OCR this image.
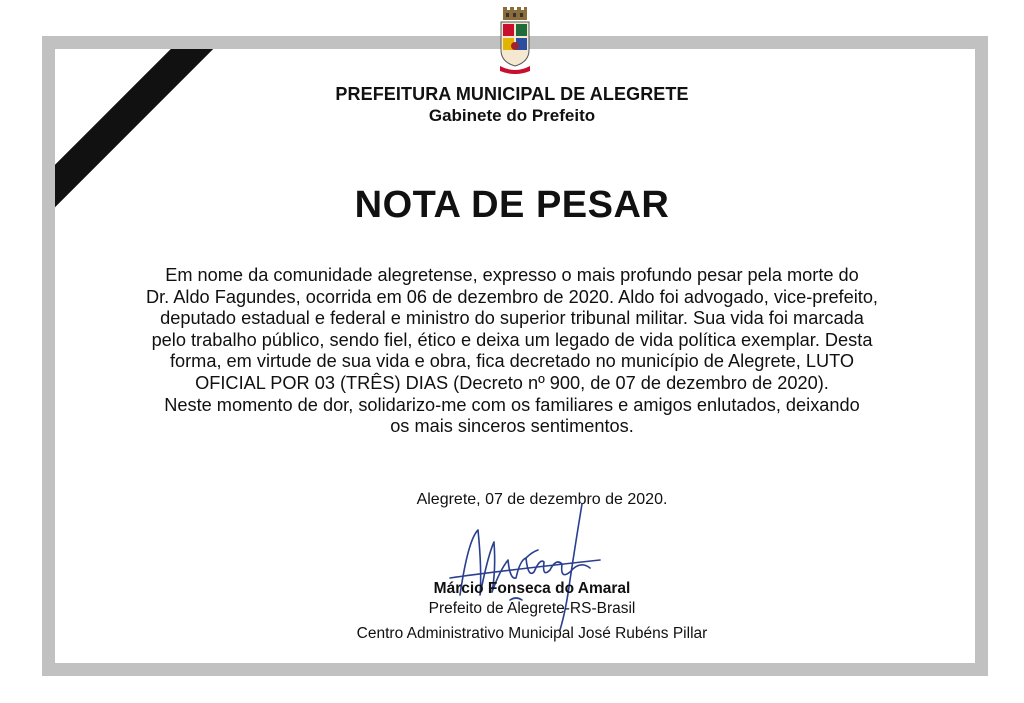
PREFEITURA MUNICIPAL DE ALEGRETE
Gabinete do Prefeito
NOTA DE PESAR
Em nome da comunidade alegretense, expresso o mais profundo pesar pela morte do
Dr. Aldo Fagundes, ocorrida em 06 de dezembro de 2020. Aldo foi advogado, vice-prefeito,
deputado estadual e federal e ministro do superior tribunal militar. Sua vida foi marcada
pelo trabalho público, sendo fiel, ético e deixa um legado de vida política exemplar. Desta
forma, em virtude de sua vida e obra, fica decretado no município de Alegrete, LUTO
OFICIAL POR 03 (TRÊS) DIAS (Decreto nº 900, de 07 de dezembro de 2020).
Neste momento de dor, solidarizo-me com os familiares e amigos enlutados, deixando
os mais sinceros sentimentos.
Alegrete, 07 de dezembro de 2020.
Márcio Fonseca do Amaral
Prefeito de Alegrete-RS-Brasil
Centro Administrativo Municipal José Rubéns Pillar
